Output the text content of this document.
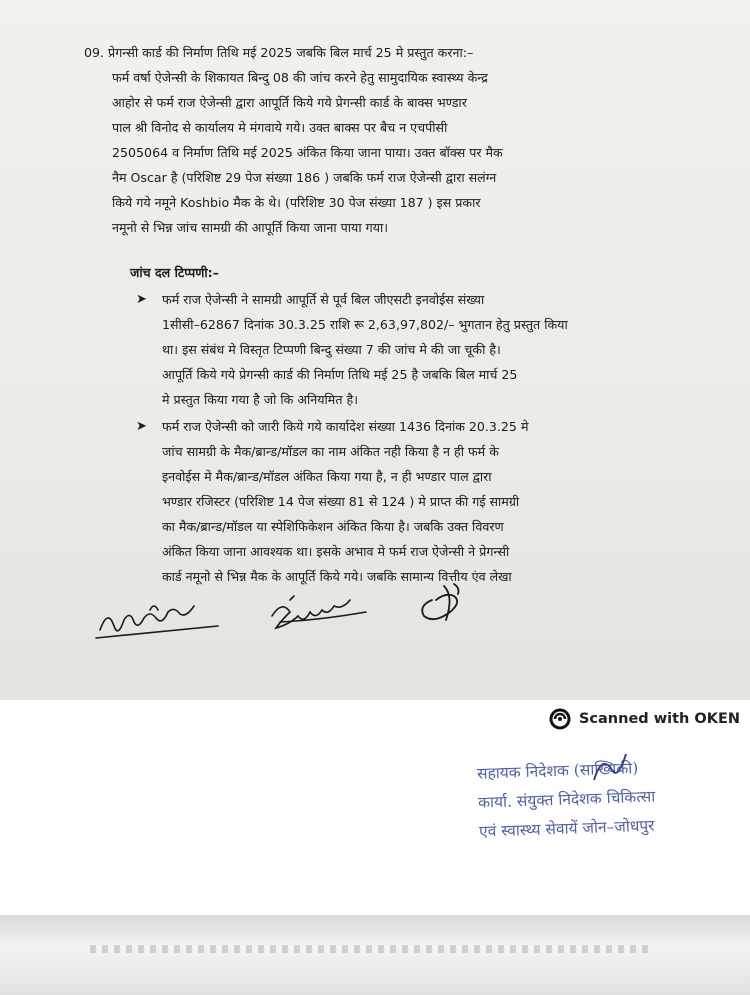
09. प्रेगन्सी कार्ड की निर्माण तिथि मई 2025 जबकि बिल मार्च 25 मे प्रस्तुत करना:–
फर्म वर्षा ऐजेन्सी के शिकायत बिन्दु 08 की जांच करने हेतु सामुदायिक स्वास्थ्य केन्द्र
आहोर से फर्म राज ऐजेन्सी द्वारा आपूर्ति किये गये प्रेगन्सी कार्ड के बाक्स भण्डार
पाल श्री विनोद से कार्यालय मे मंगवाये गये। उक्त बाक्स पर बैच न एचपीसी
2505064 व निर्माण तिथि मई 2025 अंकित किया जाना पाया। उक्त बॉक्स पर मैक
नैम Oscar है (परिशिष्ट 29 पेज संख्या 186 ) जबकि फर्म राज ऐजेन्सी द्वारा सलंग्न
किये गये नमूने Koshbio मैक के थे। (परिशिष्ट 30 पेज संख्या 187 ) इस प्रकार
नमूनो से भिन्न जांच सामग्री की आपूर्ति किया जाना पाया गया।
जांच दल टिप्पणी:–
➤	फर्म राज ऐजेन्सी ने सामग्री आपूर्ति से पूर्व बिल जीएसटी इनवोईस संख्या
1सीसी–62867 दिनांक 30.3.25 राशि रू 2,63,97,802/– भुगतान हेतु प्रस्तुत किया
था। इस संबंध मे विस्तृत टिप्पणी बिन्दु संख्या 7 की जांच मे की जा चूकी है।
आपूर्ति किये गये प्रेगन्सी कार्ड की निर्माण तिथि मई 25 है जबकि बिल मार्च 25
मे प्रस्तुत किया गया है जो कि अनियमित है।
➤	फर्म राज ऐजेन्सी को जारी किये गये कार्यादेश संख्या 1436 दिनांक 20.3.25 मे
जांच सामग्री के मैक/ब्रान्ड/मॉडल का नाम अंकित नही किया है न ही फर्म के
इनवोईस मे मैक/ब्रान्ड/मॉडल अंकित किया गया है, न ही भण्डार पाल द्वारा
भण्डार रजिस्टर (परिशिष्ट 14 पेज संख्या 81 से 124 ) मे प्राप्त की गई सामग्री
का मैक/ब्रान्ड/मॉडल या स्पेशिफिकेशन अंकित किया है। जबकि उक्त विवरण
अंकित किया जाना आवश्यक था। इसके अभाव मे फर्म राज ऐजेन्सी ने प्रेगन्सी
कार्ड नमूनो से भिन्न मैक के आपूर्ति किये गये। जबकि सामान्य वित्तीय एंव लेखा
Scanned with OKEN
सहायक निदेशक (साख्यिकी)
कार्या. संयुक्त निदेशक चिकित्सा
एवं स्वास्थ्य सेवायें जोन–जोधपुर
